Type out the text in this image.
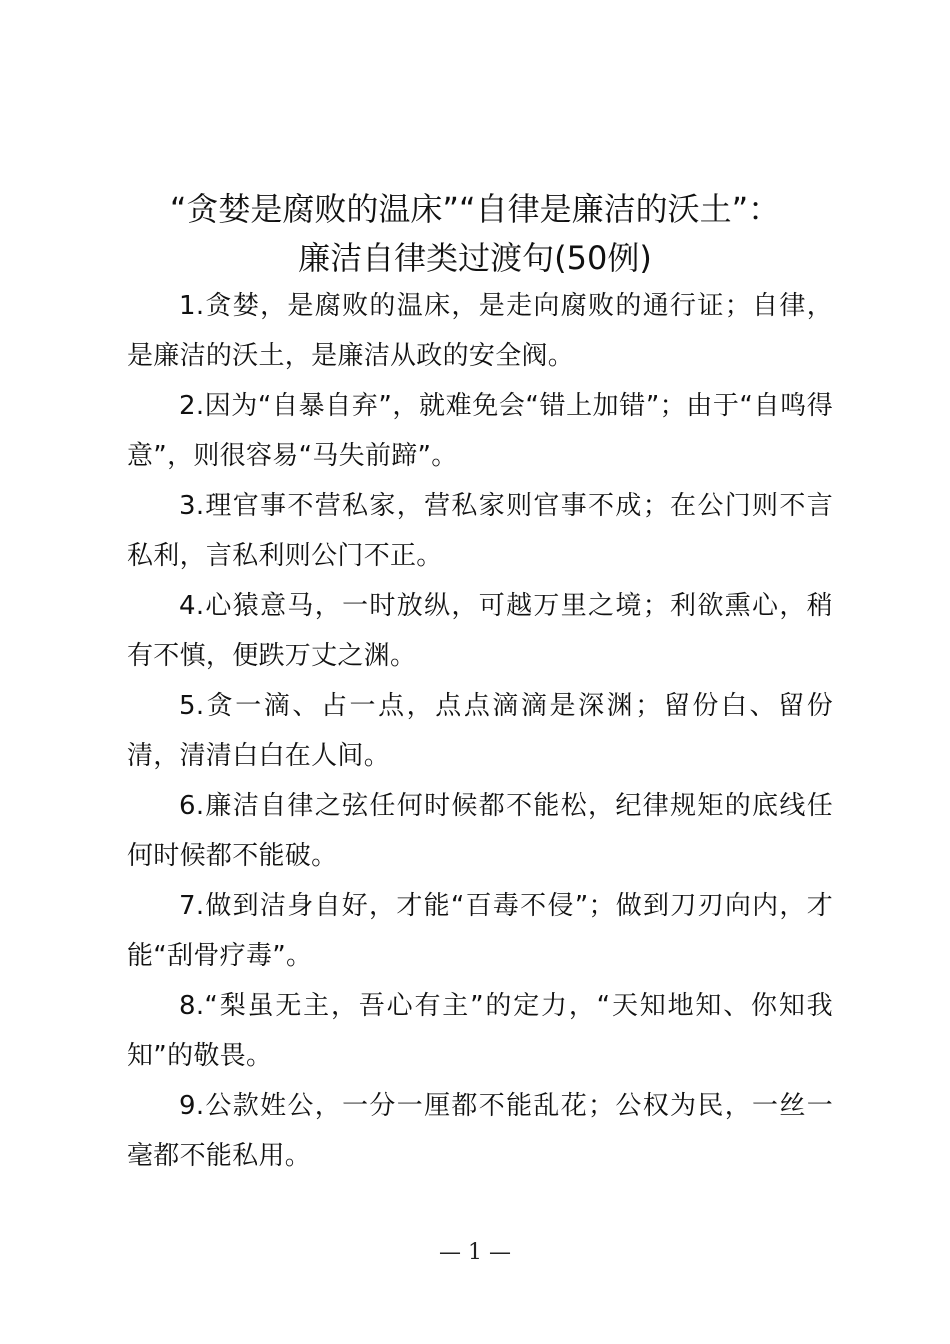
“贪婪是腐败的温床”“自律是廉洁的沃土”：
廉洁自律类过渡句(50例)

1.贪婪，是腐败的温床，是走向腐败的通行证；自律，是廉洁的沃土，是廉洁从政的安全阀。

2.因为“自暴自弃”，就难免会“错上加错”；由于“自鸣得意”，则很容易“马失前蹄”。

3.理官事不营私家，营私家则官事不成；在公门则不言私利，言私利则公门不正。

4.心猿意马，一时放纵，可越万里之境；利欲熏心，稍有不慎，便跌万丈之渊。

5.贪一滴、占一点，点点滴滴是深渊；留份白、留份清，清清白白在人间。

6.廉洁自律之弦任何时候都不能松，纪律规矩的底线任何时候都不能破。

7.做到洁身自好，才能“百毒不侵”；做到刀刃向内，才能“刮骨疗毒”。

8.“梨虽无主，吾心有主”的定力，“天知地知、你知我知”的敬畏。

9.公款姓公，一分一厘都不能乱花；公权为民，一丝一毫都不能私用。

— 1 —
